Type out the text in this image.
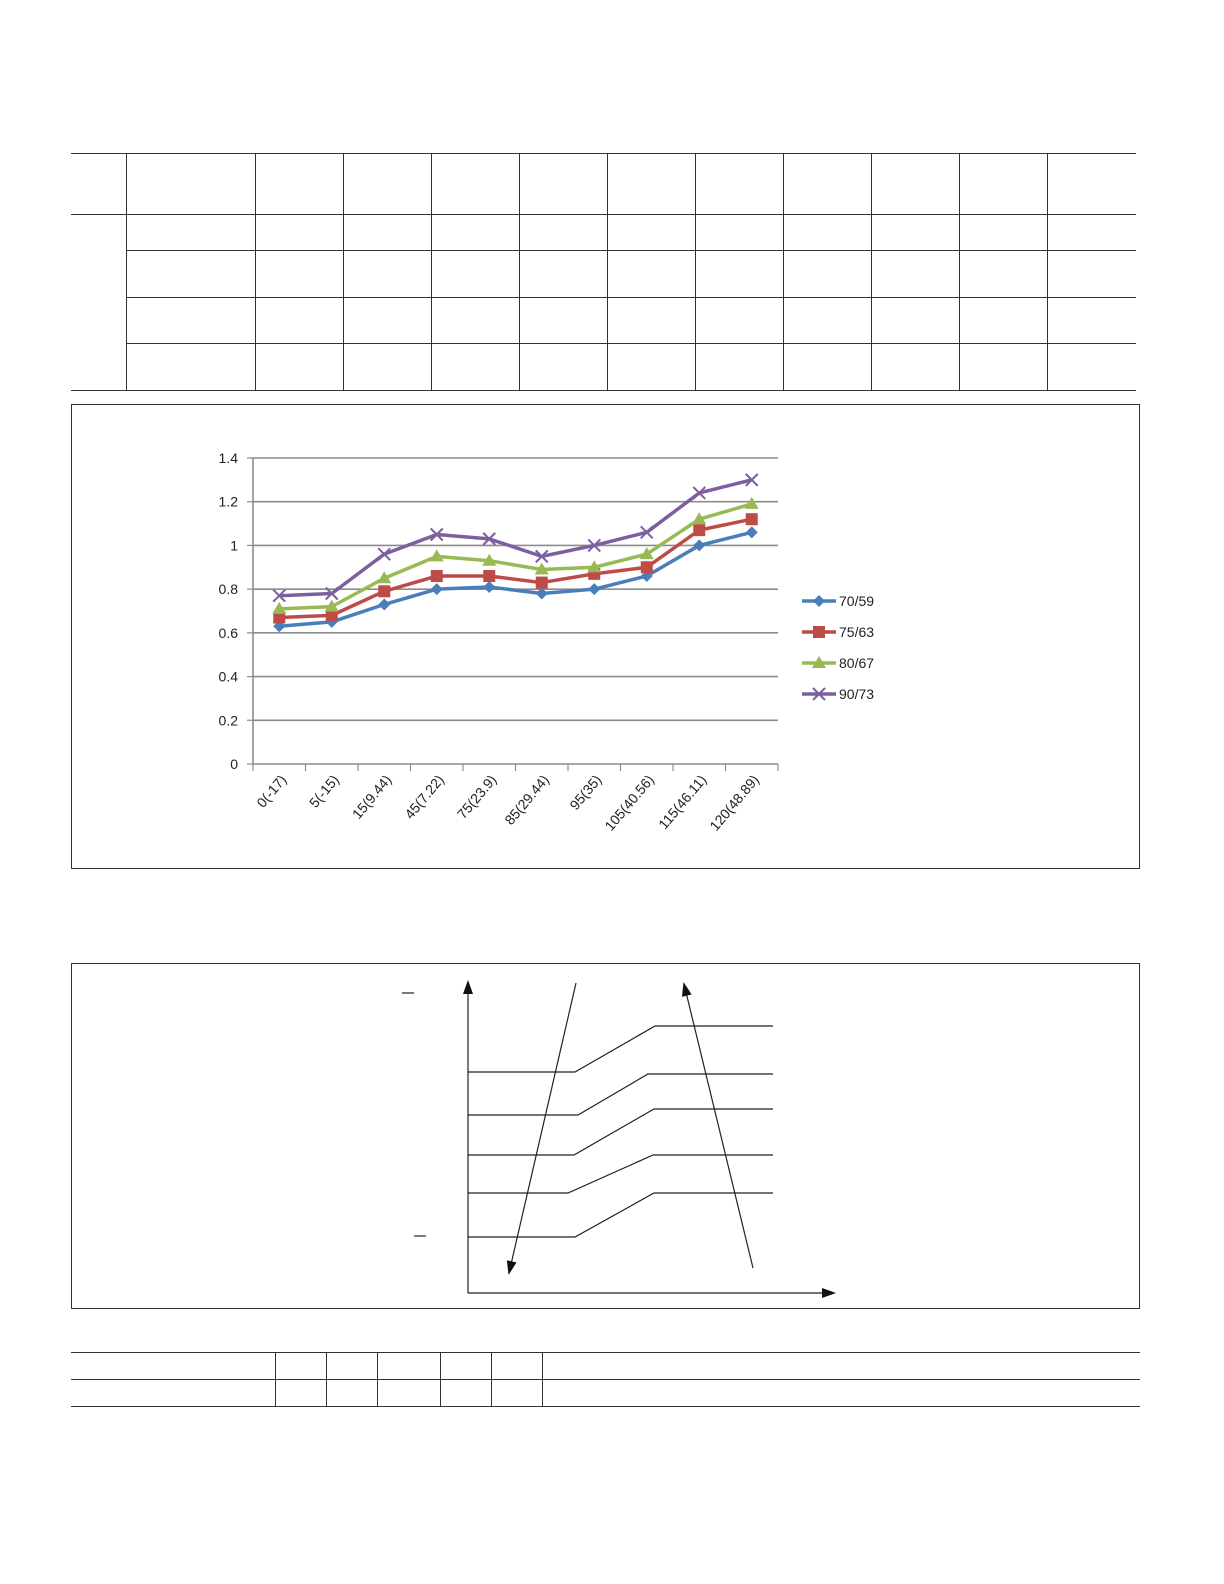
0
0.2
0.4
0.6
0.8
1
1.2
1.4
0(-17) 5(-15) 15(9.44) 45(7.22) 75(23.9) 85(29.44) 95(35)
105(40.56)
115(46.11)
120(48.89)
70/59
75/63
80/67
90/73
